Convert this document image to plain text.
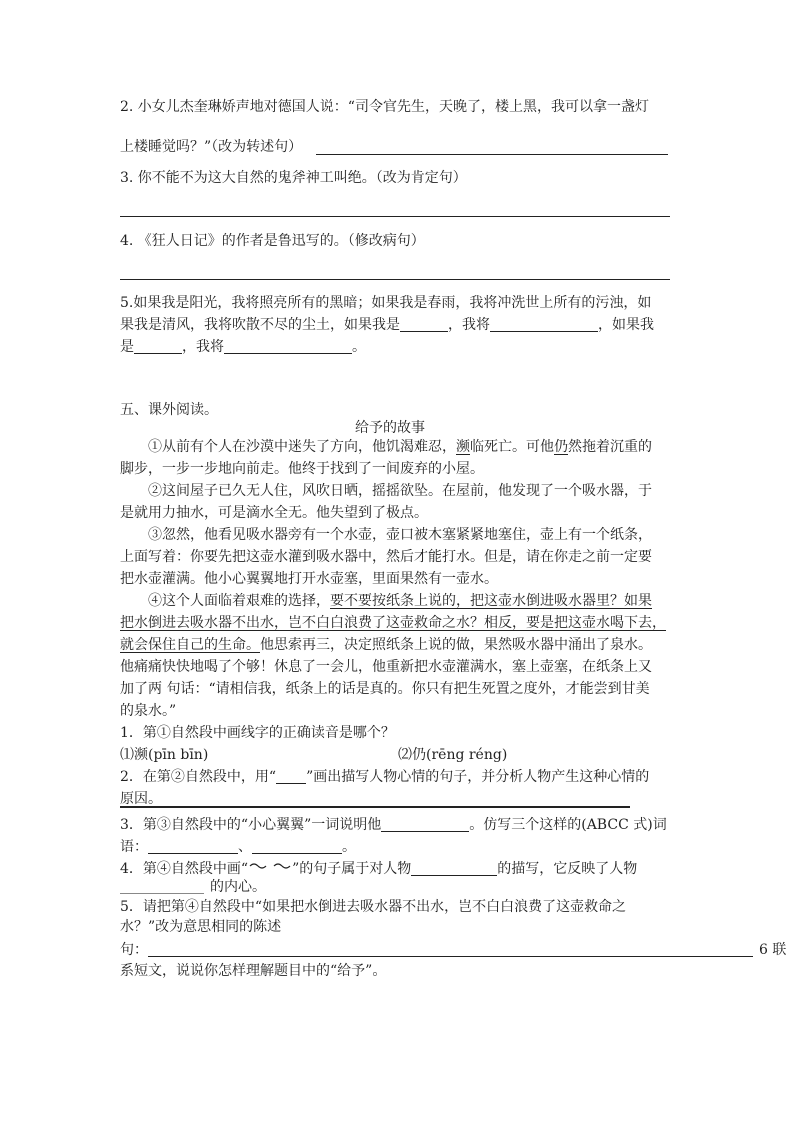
2. 小女儿杰奎琳娇声地对德国人说：“司令官先生，天晚了，楼上黑，我可以拿一盏灯
上楼睡觉吗？”（改为转述句）
3. 你不能不为这大自然的鬼斧神工叫绝。（改为肯定句）
4. 《狂人日记》的作者是鲁迅写的。（修改病句）
5.如果我是阳光，我将照亮所有的黑暗；如果我是春雨，我将冲洗世上所有的污浊，如
果我是清风，我将吹散不尽的尘土，如果我是	，我将	，如果我
是	，我将	。
五、课外阅读。
给予的故事
①从前有个人在沙漠中迷失了方向，他饥渴难忍，濒临死亡。可他仍然拖着沉重的
脚步，一步一步地向前走。他终于找到了一间废弃的小屋。
②这间屋子已久无人住，风吹日晒，摇摇欲坠。在屋前，他发现了一个吸水器，于
是就用力抽水，可是滴水全无。他失望到了极点。
③忽然，他看见吸水器旁有一个水壶，壶口被木塞紧紧地塞住，壶上有一个纸条，
上面写着：你要先把这壶水灌到吸水器中，然后才能打水。但是，请在你走之前一定要
把水壶灌满。他小心翼翼地打开水壶塞，里面果然有一壶水。
④这个人面临着艰难的选择，要不要按纸条上说的，把这壶水倒进吸水器里？如果
把水倒进去吸水器不出水，岂不白白浪费了这壶救命之水？相反，要是把这壶水喝下去，
就会保住自己的生命。他思索再三，决定照纸条上说的做，果然吸水器中涌出了泉水。
他痛痛快快地喝了个够！休息了一会儿，他重新把水壶灌满水，塞上壶塞，在纸条上又
加了两 句话：“请相信我，纸条上的话是真的。你只有把生死置之度外，才能尝到甘美
的泉水。”
1．第①自然段中画线字的正确读音是哪个？
⑴濒(pīn bīn)	⑵仍(rēng réng)
2．在第②自然段中，用“ ”画出描写人物心情的句子，并分析人物产生这种心情的
原因。
3．第③自然段中的“小心翼翼”一词说明他	。仿写三个这样的(ABCC 式)词
语：	、	。
4．第④自然段中画“	”的句子属于对人物	的描写，它反映了人物
的内心。
5．请把第④自然段中“如果把水倒进去吸水器不出水，岂不白白浪费了这壶救命之
水？”改为意思相同的陈述
句：	6 联
系短文，说说你怎样理解题目中的“给予”。
